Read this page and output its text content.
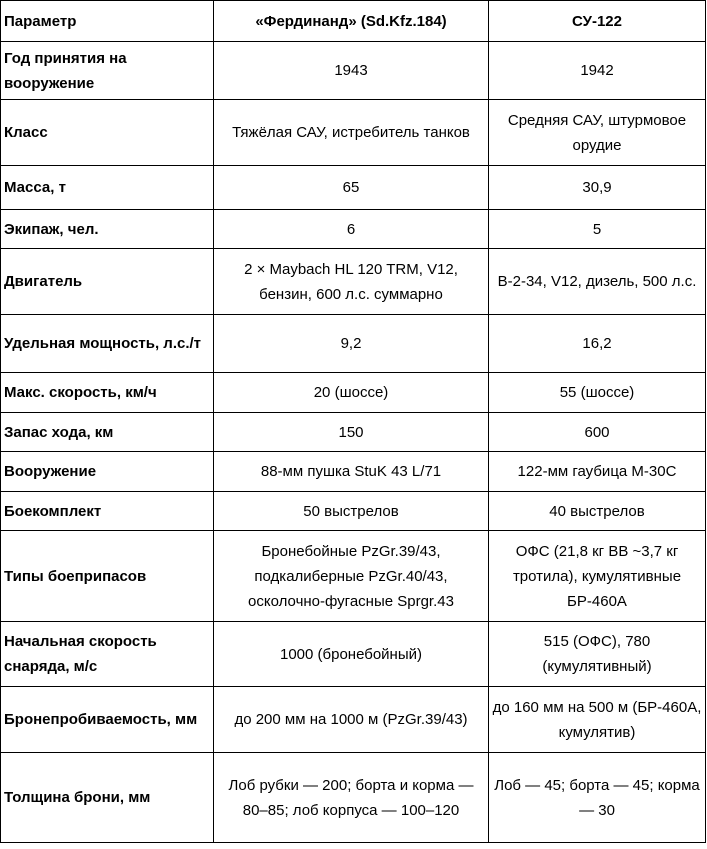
Параметр	«Фердинанд» (Sd.Kfz.184)	СУ-122
Год принятия на вооружение	1943	1942
Класс	Тяжёлая САУ, истребитель танков	Средняя САУ, штурмовое орудие
Масса, т	65	30,9
Экипаж, чел.	6	5
Двигатель	2 × Maybach HL 120 TRM, V12, бензин, 600 л.с. суммарно	В-2-34, V12, дизель, 500 л.с.
Удельная мощность, л.с./т	9,2	16,2
Макс. скорость, км/ч	20 (шоссе)	55 (шоссе)
Запас хода, км	150	600
Вооружение	88-мм пушка StuK 43 L/71	122-мм гаубица М-30С
Боекомплект	50 выстрелов	40 выстрелов
Типы боеприпасов	Бронебойные PzGr.39/43, подкалиберные PzGr.40/43, осколочно-фугасные Sprgr.43	ОФС (21,8 кг ВВ ~3,7 кг тротила), кумулятивные БР-460А
Начальная скорость снаряда, м/с	1000 (бронебойный)	515 (ОФС), 780 (кумулятивный)
Бронепробиваемость, мм	до 200 мм на 1000 м (PzGr.39/43)	до 160 мм на 500 м (БР-460А, кумулятив)
Толщина брони, мм	Лоб рубки — 200; борта и корма — 80–85; лоб корпуса — 100–120	Лоб — 45; борта — 45; корма — 30
